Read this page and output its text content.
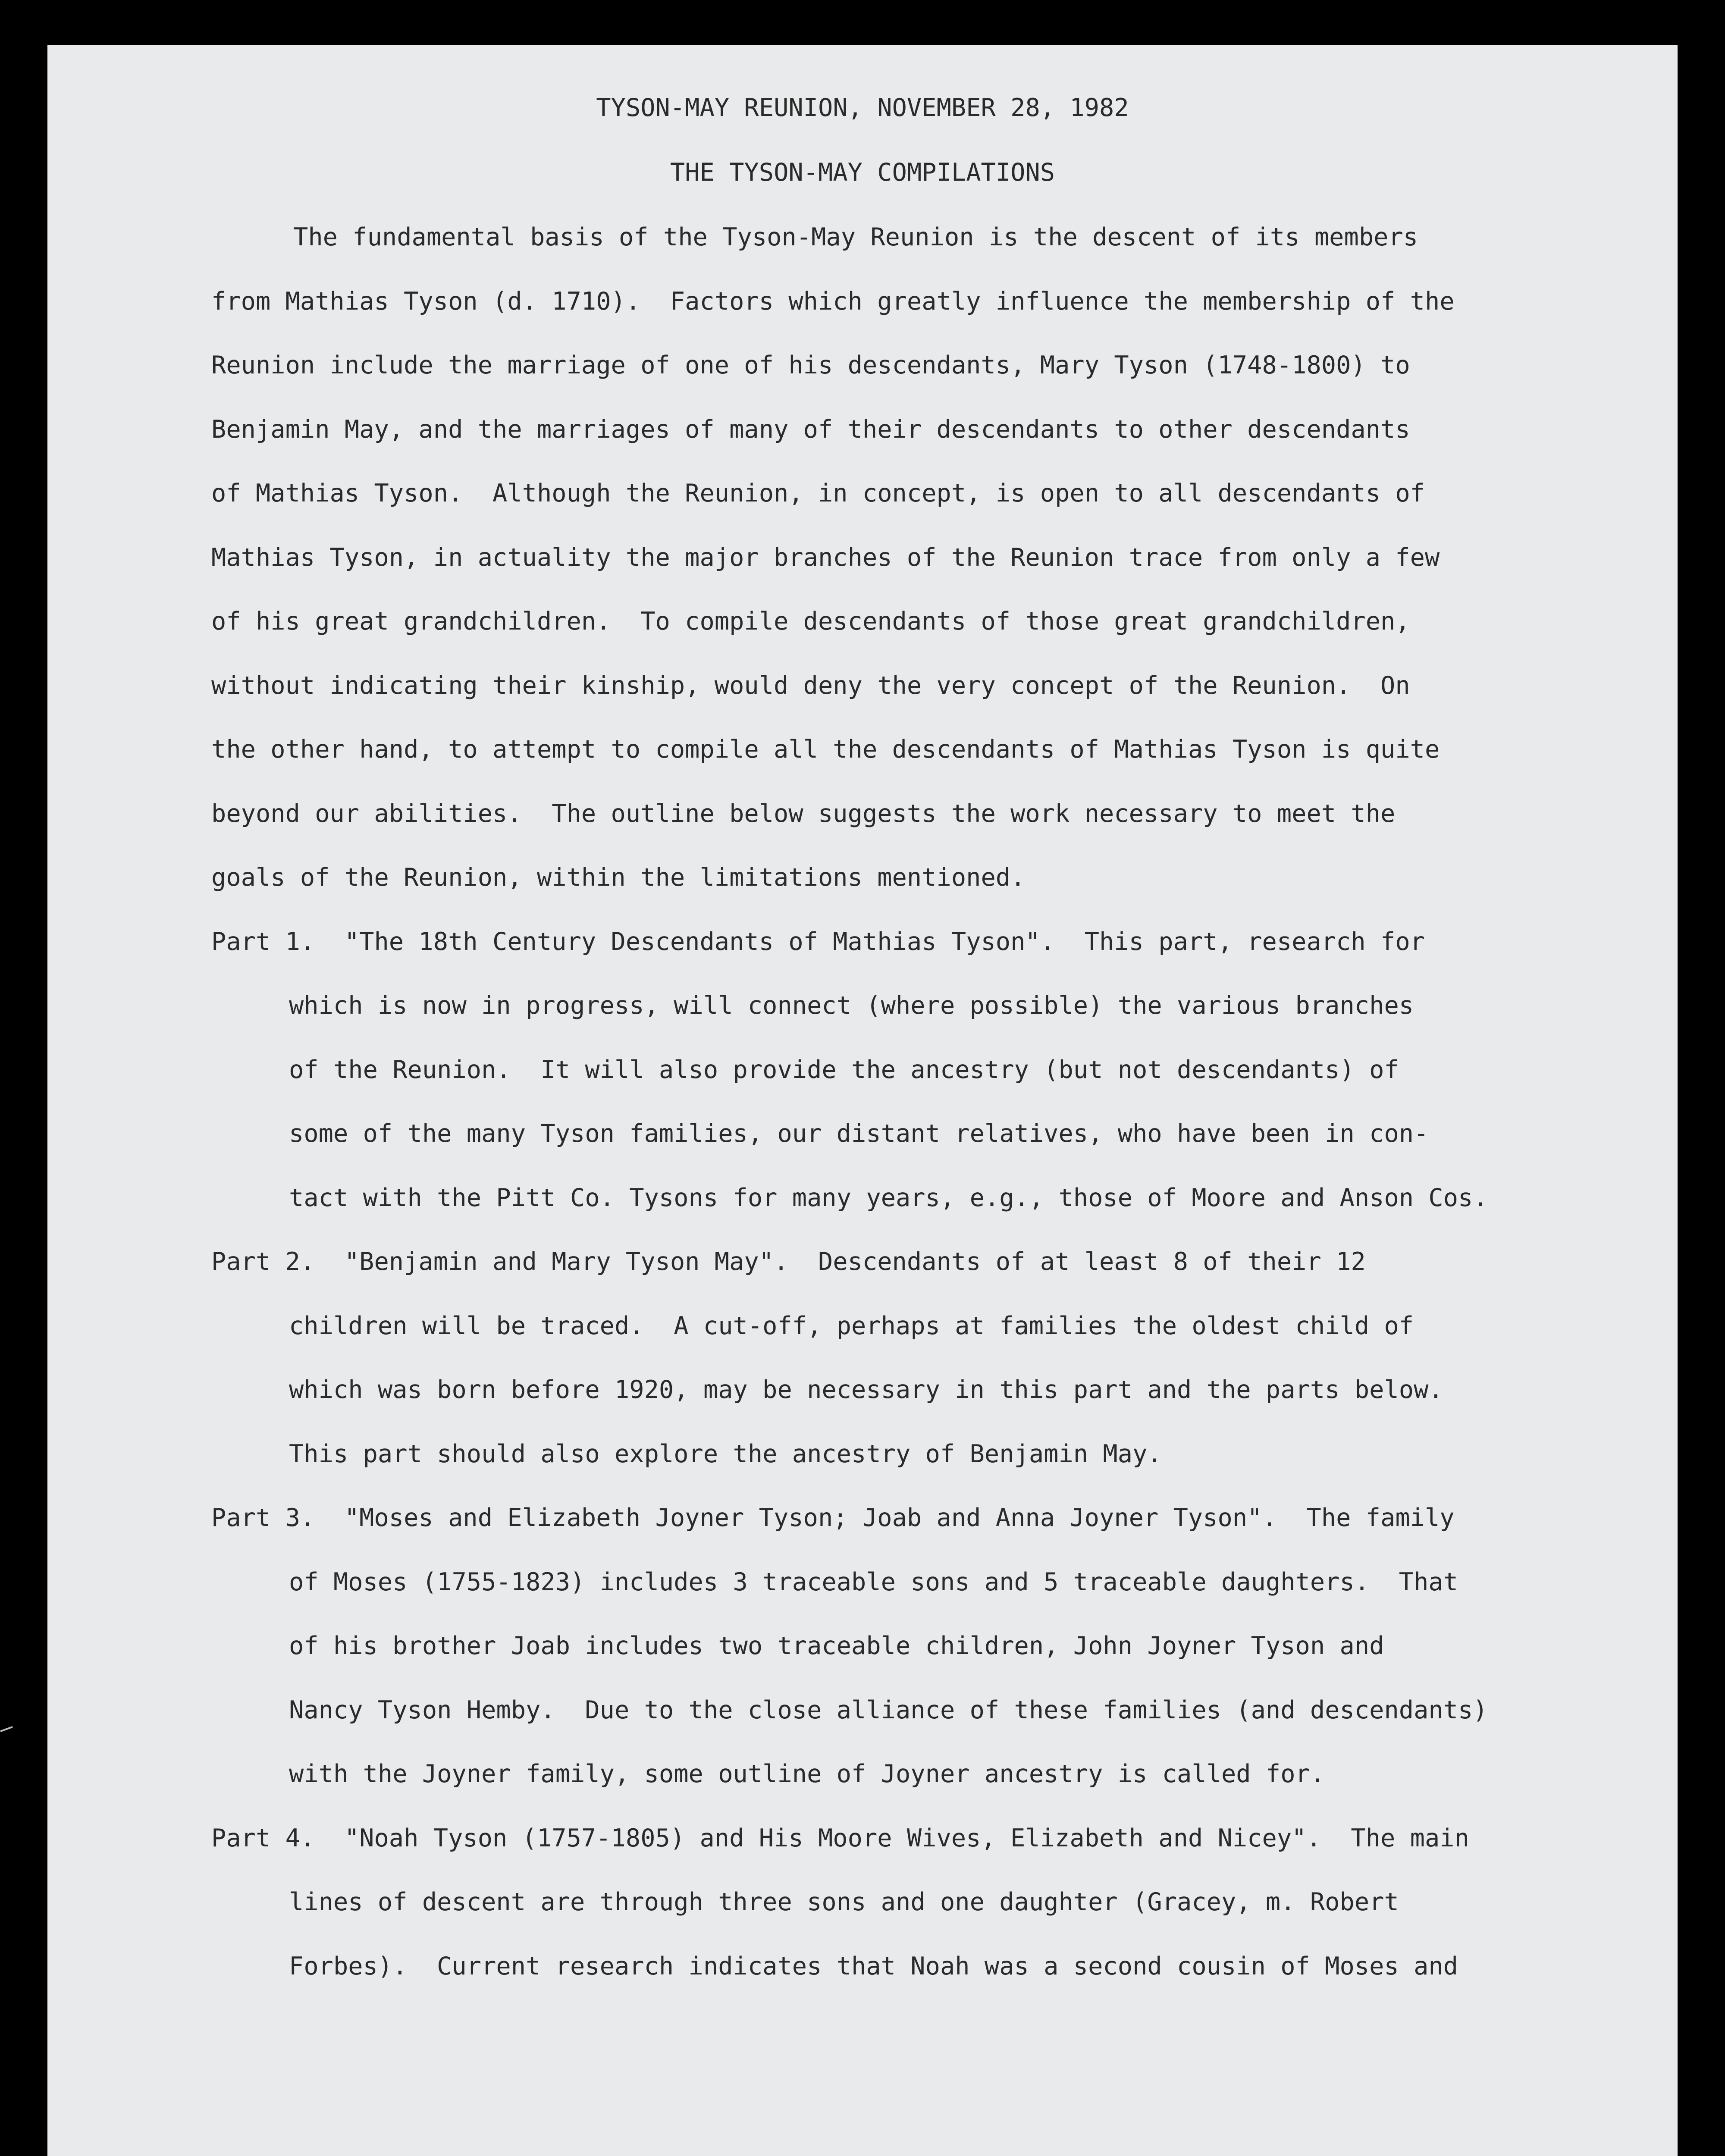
TYSON-MAY REUNION, NOVEMBER 28, 1982
THE TYSON-MAY COMPILATIONS
The fundamental basis of the Tyson-May Reunion is the descent of its members
from Mathias Tyson (d. 1710).  Factors which greatly influence the membership of the
Reunion include the marriage of one of his descendants, Mary Tyson (1748-1800) to
Benjamin May, and the marriages of many of their descendants to other descendants
of Mathias Tyson.  Although the Reunion, in concept, is open to all descendants of
Mathias Tyson, in actuality the major branches of the Reunion trace from only a few
of his great grandchildren.  To compile descendants of those great grandchildren,
without indicating their kinship, would deny the very concept of the Reunion.  On
the other hand, to attempt to compile all the descendants of Mathias Tyson is quite
beyond our abilities.  The outline below suggests the work necessary to meet the
goals of the Reunion, within the limitations mentioned.
Part 1.  "The 18th Century Descendants of Mathias Tyson".  This part, research for
which is now in progress, will connect (where possible) the various branches
of the Reunion.  It will also provide the ancestry (but not descendants) of
some of the many Tyson families, our distant relatives, who have been in con-
tact with the Pitt Co. Tysons for many years, e.g., those of Moore and Anson Cos.
Part 2.  "Benjamin and Mary Tyson May".  Descendants of at least 8 of their 12
children will be traced.  A cut-off, perhaps at families the oldest child of
which was born before 1920, may be necessary in this part and the parts below.
This part should also explore the ancestry of Benjamin May.
Part 3.  "Moses and Elizabeth Joyner Tyson; Joab and Anna Joyner Tyson".  The family
of Moses (1755-1823) includes 3 traceable sons and 5 traceable daughters.  That
of his brother Joab includes two traceable children, John Joyner Tyson and
Nancy Tyson Hemby.  Due to the close alliance of these families (and descendants)
with the Joyner family, some outline of Joyner ancestry is called for.
Part 4.  "Noah Tyson (1757-1805) and His Moore Wives, Elizabeth and Nicey".  The main
lines of descent are through three sons and one daughter (Gracey, m. Robert
Forbes).  Current research indicates that Noah was a second cousin of Moses and
